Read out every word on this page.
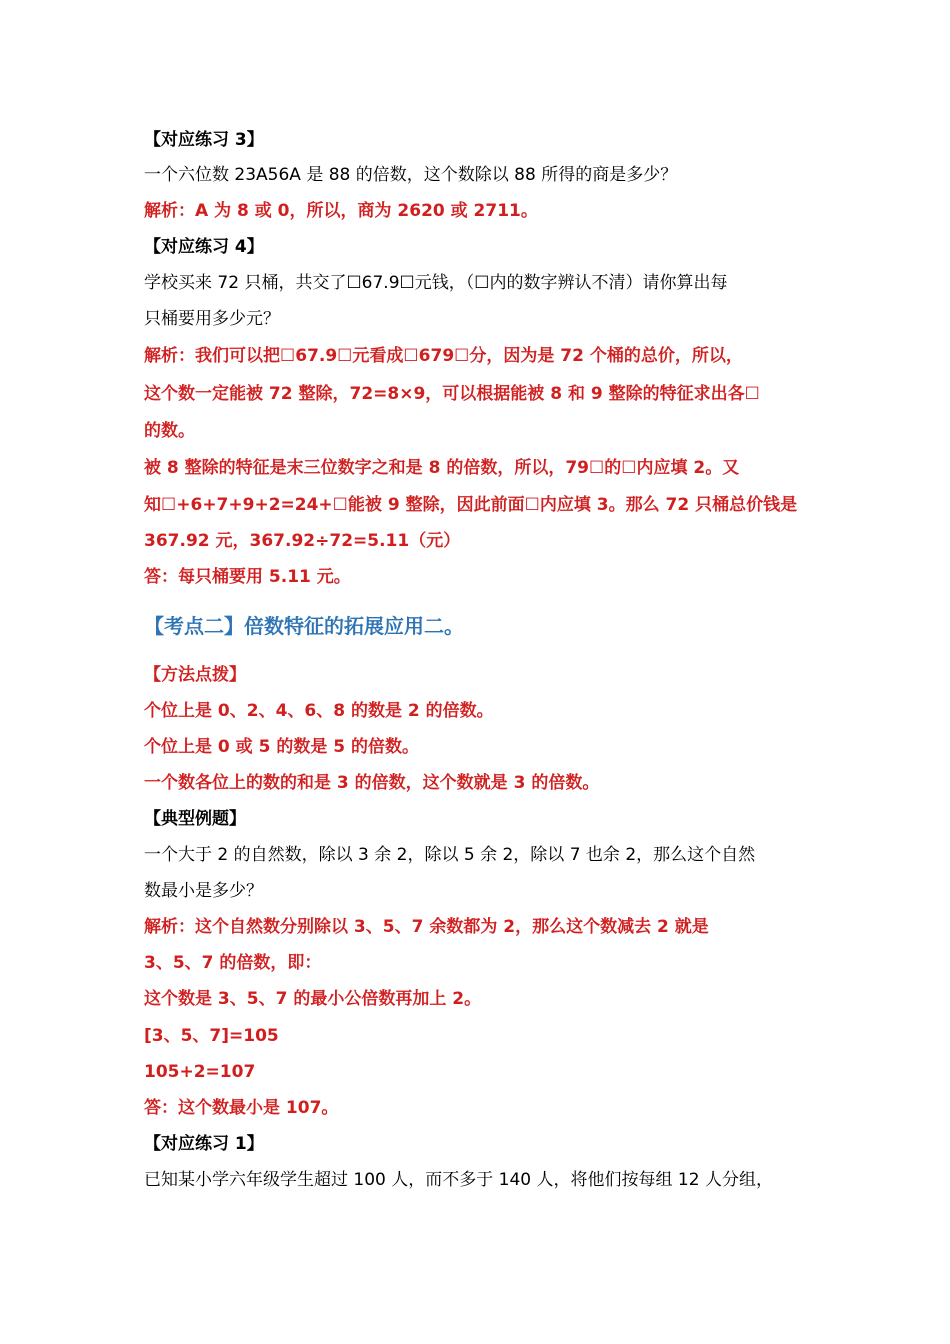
【对应练习 3】
一个六位数 23A56A 是 88 的倍数，这个数除以 88 所得的商是多少？
解析：A 为 8 或 0，所以，商为 2620 或 2711。
【对应练习 4】
学校买来 72 只桶，共交了☐67.9☐元钱，（☐内的数字辨认不清）请你算出每
只桶要用多少元？
解析：我们可以把☐67.9☐元看成☐679☐分，因为是 72 个桶的总价，所以，
这个数一定能被 72 整除，72=8×9，可以根据能被 8 和 9 整除的特征求出各☐
的数。
被 8 整除的特征是末三位数字之和是 8 的倍数，所以，79☐的☐内应填 2。又
知☐+6+7+9+2=24+☐能被 9 整除，因此前面☐内应填 3。那么 72 只桶总价钱是
367.92 元，367.92÷72=5.11（元）
答：每只桶要用 5.11 元。
【考点二】倍数特征的拓展应用二。
【方法点拨】
个位上是 0、2、4、6、8 的数是 2 的倍数。
个位上是 0 或 5 的数是 5 的倍数。
一个数各位上的数的和是 3 的倍数，这个数就是 3 的倍数。
【典型例题】
一个大于 2 的自然数，除以 3 余 2，除以 5 余 2，除以 7 也余 2，那么这个自然
数最小是多少？
解析：这个自然数分别除以 3、5、7 余数都为 2，那么这个数减去 2 就是
3、5、7 的倍数，即：
这个数是 3、5、7 的最小公倍数再加上 2。
[3、5、7]=105
105+2=107
答：这个数最小是 107。
【对应练习 1】
已知某小学六年级学生超过 100 人，而不多于 140 人，将他们按每组 12 人分组，
